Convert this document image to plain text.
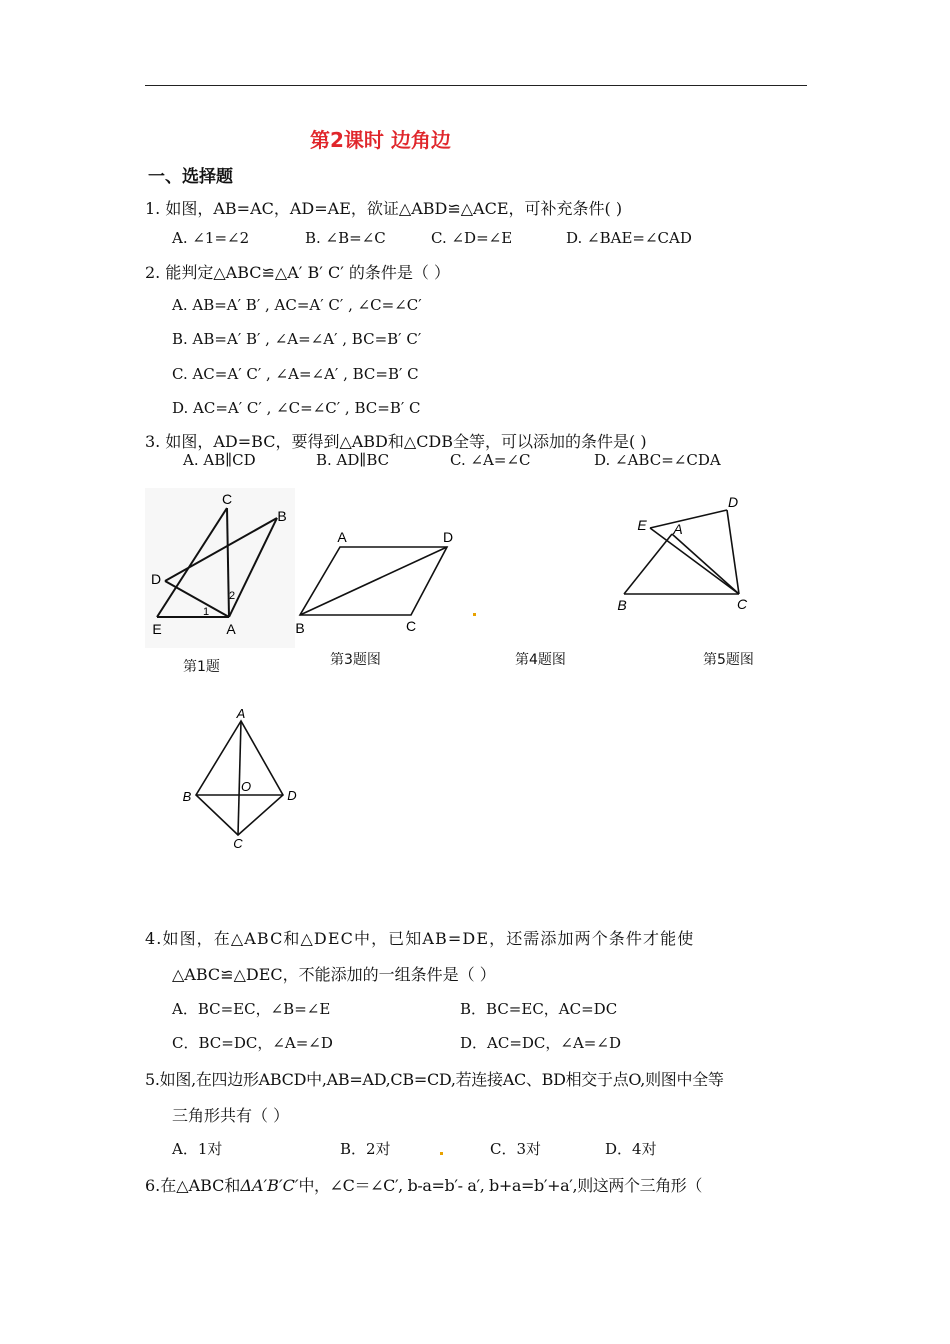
第2课时 边角边
一、选择题
1. 如图，AB=AC，AD=AE，欲证△ABD≌△ACE，可补充条件( )
A. ∠1=∠2	B. ∠B=∠C	C. ∠D=∠E	D. ∠BAE=∠CAD
2. 能判定△ABC≌△A′ B′ C′ 的条件是（ ）
A. AB=A′ B′ , AC=A′ C′ , ∠C=∠C′
B. AB=A′ B′ , ∠A=∠A′ , BC=B′ C′
C. AC=A′ C′ , ∠A=∠A′ , BC=B′ C
D. AC=A′ C′ , ∠C=∠C′ , BC=B′ C
3. 如图，AD=BC，要得到△ABD和△CDB全等，可以添加的条件是( )
A. AB∥CD	B. AD∥BC	C. ∠A=∠C	D. ∠ABC=∠CDA
C
B
D
E	A
1
2
A	D
B	C
E A
D
B	C
第1题	第3题图	第4题图	第5题图
A
B
O
D
C
4.如图，在△ABC和△DEC中，已知AB=DE，还需添加两个条件才能使
△ABC≌△DEC，不能添加的一组条件是（ ）
A．BC=EC，∠B=∠E	B．BC=EC，AC=DC
C．BC=DC，∠A=∠D	D．AC=DC，∠A=∠D
5.如图,在四边形ABCD中,AB=AD,CB=CD,若连接AC、BD相交于点O,则图中全等
三角形共有（ ）
A．1对	B．2对	C．3对	D．4对
6.在△ABC和ΔA′B′C′中，∠C＝∠C′, b-a=b′- a′, b+a=b′+a′,则这两个三角形（
